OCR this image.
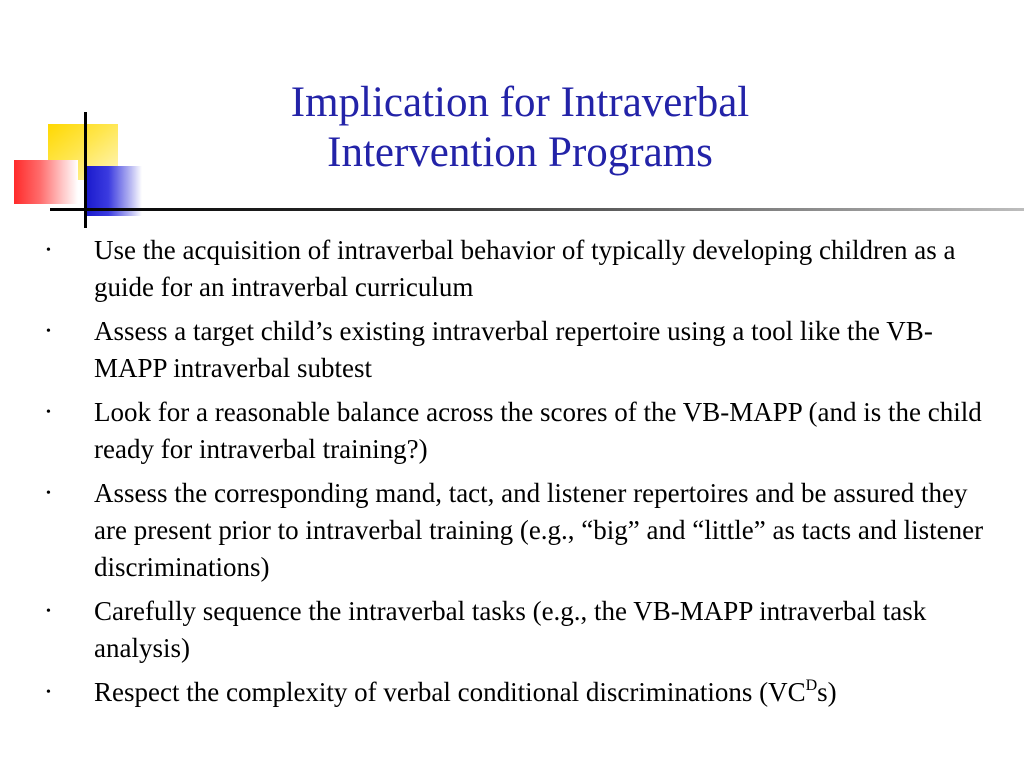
Implication for Intraverbal
Intervention Programs
• Use the acquisition of intraverbal behavior of typically developing children as a guide for an intraverbal curriculum
• Assess a target child’s existing intraverbal repertoire using a tool like the VB-MAPP intraverbal subtest
• Look for a reasonable balance across the scores of the VB-MAPP (and is the child ready for intraverbal training?)
• Assess the corresponding mand, tact, and listener repertoires and be assured they are present prior to intraverbal training (e.g., “big” and “little” as tacts and listener discriminations)
• Carefully sequence the intraverbal tasks (e.g., the VB-MAPP intraverbal task analysis)
• Respect the complexity of verbal conditional discriminations $(VC^Ds)$
